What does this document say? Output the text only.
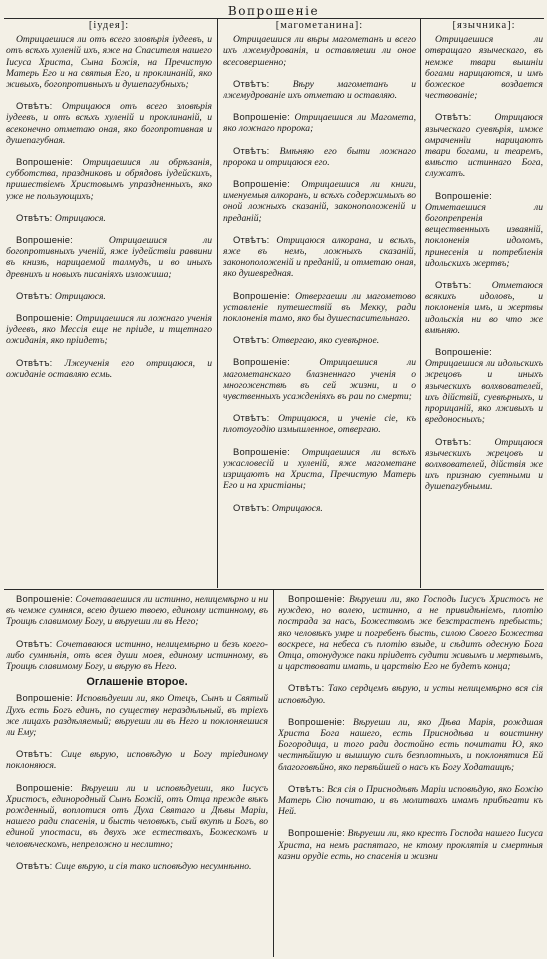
Вопрошеніе
[іудея]:
Отрицаешися ли отъ всего зловѣрія іудеевъ, и отъ всѣхъ хуленій ихъ, яже на Спасителя нашего Іисуса Христа, Сына Божія, на Пречистую Матерь Его и на святыя Его, и проклинаній, яко живыхъ, богопротивныхъ и душепагубныхъ;
Отвѣтъ: Отрицаюся отъ всего зловѣрія іудеевъ, и отъ всѣхъ хуленій и проклинаній, и всеконечно отметаю оная, яко богопротивная и душепагубная.
Вопрошеніе: Отрицаешися ли обрѣзанія, субботства, праздниковъ и обрядовъ іудейскихъ, пришествіемъ Христовымъ упраздненныхъ, яко уже не пользующихъ;
Отвѣтъ: Отрицаюся.
Вопрошеніе:	Отрицаешися ли богопротивныхъ ученій, яже іудействіи раввини въ книзѣ, нарицаемой талмудъ, и во иныхъ древнихъ и новыхъ писаніяхъ изложиша;
Отвѣтъ: Отрицаюся.
Вопрошеніе: Отрицаешися ли ложнаго ученія іудеевъ, яко Мессія еще не пріиде, и тщетнаго ожиданія, яко пріидетъ;
Отвѣтъ: Лжеученія его отрицаюся, и ожиданіе оставляю есмь.
[магометанина]:
Отрицаешися ли вѣры магометанъ и всего ихъ лжемудрованія, и оставляеши ли оное всесовершенно;
Отвѣтъ: Вѣру магометанъ и лжемудрованіе ихъ отметаю и оставляю.
Вопрошеніе: Отрицаешися ли Магомета, яко ложнаго пророка;
Отвѣтъ: Вмѣняю его быти ложнаго пророка и отрицаюся его.
Вопрошеніе: Отрицаешися ли книги, именуемыя алкоранъ, и всѣхъ содержимыхъ во оной ложныхъ сказаній, законоположеній и преданій;
Отвѣтъ: Отрицаюся алкорана, и всѣхъ, яже въ немъ, ложныхъ сказаній, законоположеній и преданій, и отметаю оная, яко душевредная.
Вопрошеніе: Отвергаеши ли магометово уставленіе путешествій въ Мекку, ради поклоненія тамо, яко бы душеспасительнаго.
Отвѣтъ: Отвергаю, яко суевѣрное.
Вопрошеніе:	Отрицаешися ли магометанскаго блазненнаго ученія о многоженствѣ въ сей жизни, и о чувственныхъ усажденіяхъ въ раи по смерти;
Отвѣтъ: Отрицаюся, и ученіе сіе, къ плотоугодію измышленное, отвергаю.
Вопрошеніе: Отрицаешися ли всѣхъ ужасловесій и хуленій, яже магометане изрицаютъ на Христа, Пречистую Матерь Его и на христіаны;
Отвѣтъ: Отрицаюся.
[язычника]:
Отрицаешися ли отвращаго языческаго, въ немже твари вышніи богами нарицаются, и имъ божеское воздается чествованіе;
Отвѣтъ: Отрицаюся языческаго суевѣрія, имже омраченнїи нарицаютъ твари богами, и теаремъ, вмѣсто истиннаго Бога, служатъ.
Вопрошеніе: Отметаешися ли богопрепренія вещественныхъ изваяній, поклоненія идоломъ, принесенія и потребленія идольскихъ жертвъ;
Отвѣтъ: Отметаюся всякихъ идоловъ, и поклоненія имъ, и жертвы идольскія ни во что же вмѣняю.
Вопрошеніе: Отрицаешися ли идольскихъ жрецовъ и иныхъ языческихъ волхвователей, ихъ дійствій, суевѣрныхъ, и прорицаній, яко лживыхъ и вредоносныхъ;
Отвѣтъ: Отрицаюся языческихъ жрецовъ и волхвователей, дійствія же ихъ признаю суетными и душепагубными.
Вопрошеніе: Сочетаваешися ли истинно, нелицемѣрно и ни въ чемже сумняся, всею душею твоею, единому истинному, въ Троицѣ славимому Богу, и вѣруеши ли въ Него;
Отвѣтъ: Сочетаваюся истинно, нелицемѣрно и безъ коего-либо сумнѣнія, отъ всея души моея, единому истинному, въ Троицѣ славимому Богу, и вѣрую въ Него.
Оглашеніе второе.
Вопрошеніе: Исповѣдуеши ли, яко Отецъ, Сынъ и Святый Духъ есть Богъ единъ, по существу нераздѣльный, въ тріехъ же лицахъ раздѣляемый; вѣруеши ли въ Него и поклоняешися ли Ему;
Отвѣтъ: Сице вѣрую, исповѣдую и Богу тріединому поклоняюся.
Вопрошеніе: Вѣруеши ли и исповѣдуеши, яко Іисусъ Христосъ, единородный Сынъ Божій, отъ Отца прежде вѣкъ рожденный, воплотися отъ Духа Святаго и Дѣвы Маріи, нашего ради спасенія, и бысть человѣкъ, сый вкупѣ и Богъ, во единой упостаси, въ двухъ же естествахъ, Божескомъ и человѣческомъ, непреложно и неслитно;
Отвѣтъ: Сице вѣрую, и сія тако исповѣдую несумнѣнно.
Вопрошеніе: Вѣруеши ли, яко Господь Іисусъ Христосъ не нуждею, но волею, истинно, а не привидѣніемъ, плотію пострада за насъ, Божествомъ же безстрастенъ пребысть; яко человѣкъ умре и погребенъ бысть, силою Своего Божества воскресе, на небеса съ плотію взыде, и сѣдитъ одесную Бога Отца, отонудуже паки пріидетъ судити живымъ и мертвымъ, и царствовати имать, и царствію Его не будетъ конца;
Отвѣтъ: Тако сердцемъ вѣрую, и усты нелицемѣрно вся сія исповѣдую.
Вопрошеніе: Вѣруеши ли, яко Дѣва Марія, рождшая Христа Бога нашего, есть Приснодѣва и воистинну Богородица, и того ради достойно есть почитати Ю, яко честнѣйшую и вышшую силъ безплотныхъ, и поклонятися Ей благоговѣйно, яко первѣйшей о насъ къ Богу Ходатаицѣ;
Отвѣтъ: Вся сія о Приснодѣвѣ Маріи исповѣдую, яко Божію Матерь Сію почитаю, и въ молитвахъ имамъ прибѣгати къ Ней.
Вопрошеніе: Вѣруеши ли, яко крестъ Господа нашего Іисуса Христа, на немъ распятаго, не ктому проклятія и смертныя казни орудіе есть, но спасенія и жизни
